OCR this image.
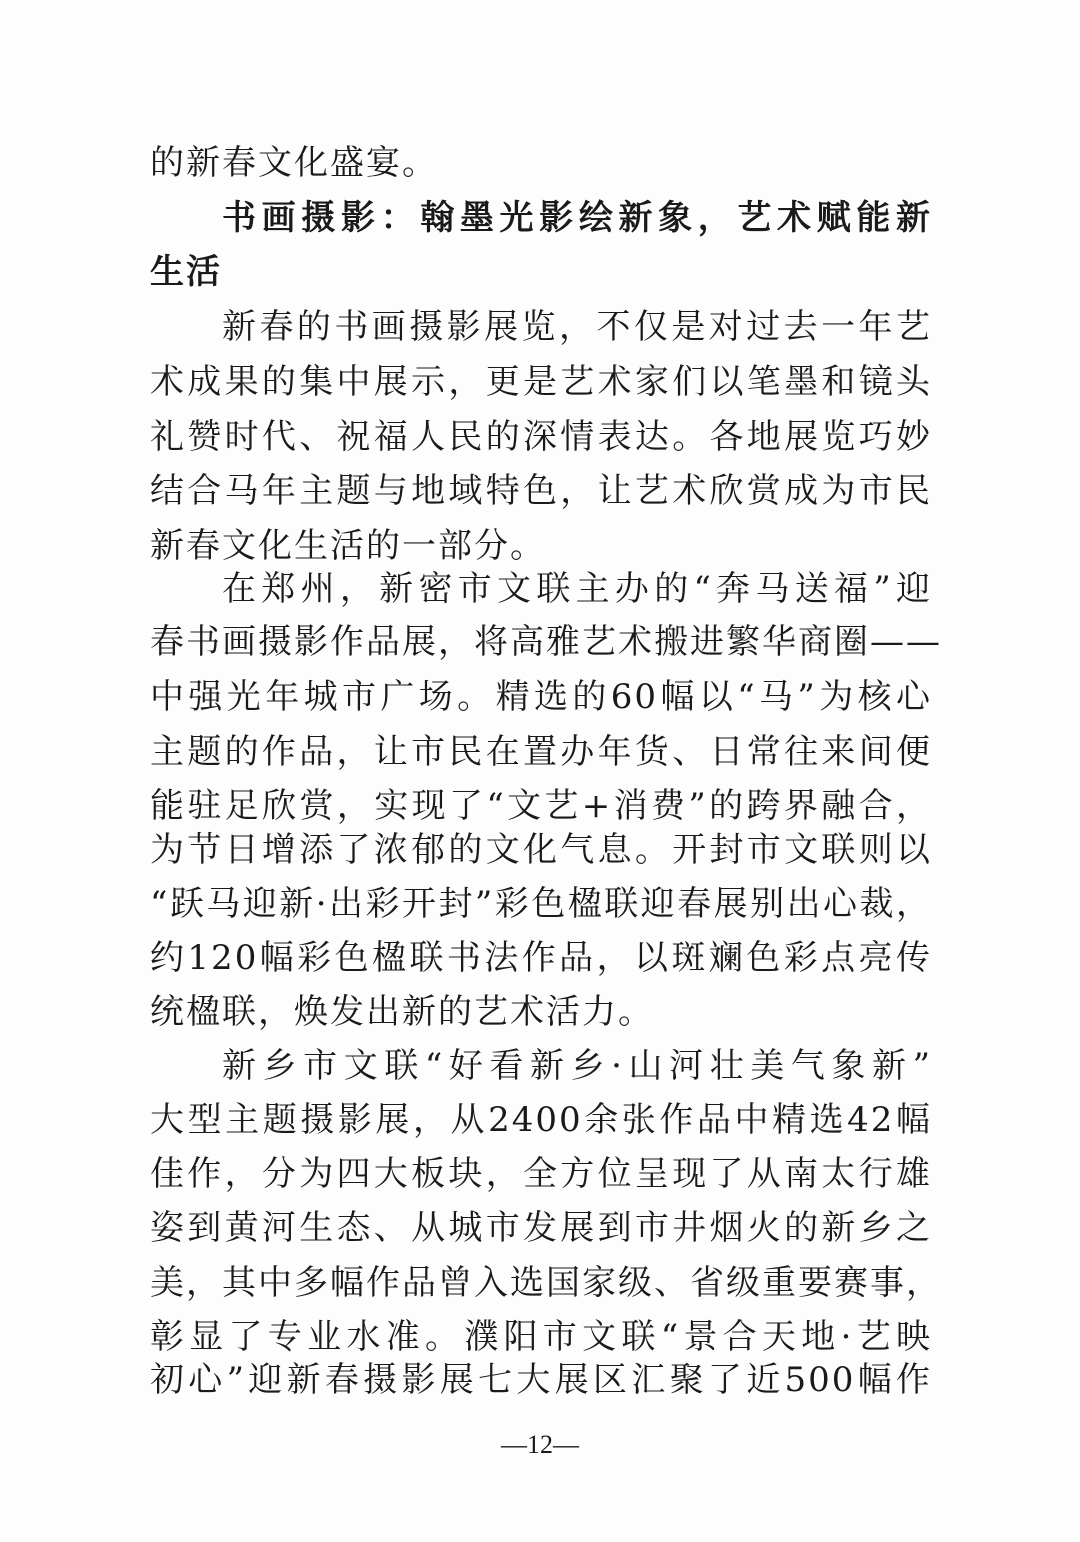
的新春文化盛宴。
书画摄影：翰墨光影绘新象，艺术赋能新
生活
新春的书画摄影展览，不仅是对过去一年艺
术成果的集中展示，更是艺术家们以笔墨和镜头
礼赞时代、祝福人民的深情表达。各地展览巧妙
结合马年主题与地域特色，让艺术欣赏成为市民
新春文化生活的一部分。
在郑州，新密市文联主办的“奔马送福”迎
春书画摄影作品展，将高雅艺术搬进繁华商圈——
中强光年城市广场。精选的60幅以“马”为核心
主题的作品，让市民在置办年货、日常往来间便
能驻足欣赏，实现了“文艺+消费”的跨界融合，
为节日增添了浓郁的文化气息。开封市文联则以
“跃马迎新·出彩开封”彩色楹联迎春展别出心裁，
约120幅彩色楹联书法作品，以斑斓色彩点亮传
统楹联，焕发出新的艺术活力。
新乡市文联“好看新乡·山河壮美气象新”
大型主题摄影展，从2400余张作品中精选42幅
佳作，分为四大板块，全方位呈现了从南太行雄
姿到黄河生态、从城市发展到市井烟火的新乡之
美，其中多幅作品曾入选国家级、省级重要赛事，
彰显了专业水准。濮阳市文联“景合天地·艺映
初心”迎新春摄影展七大展区汇聚了近500幅作
—12—
